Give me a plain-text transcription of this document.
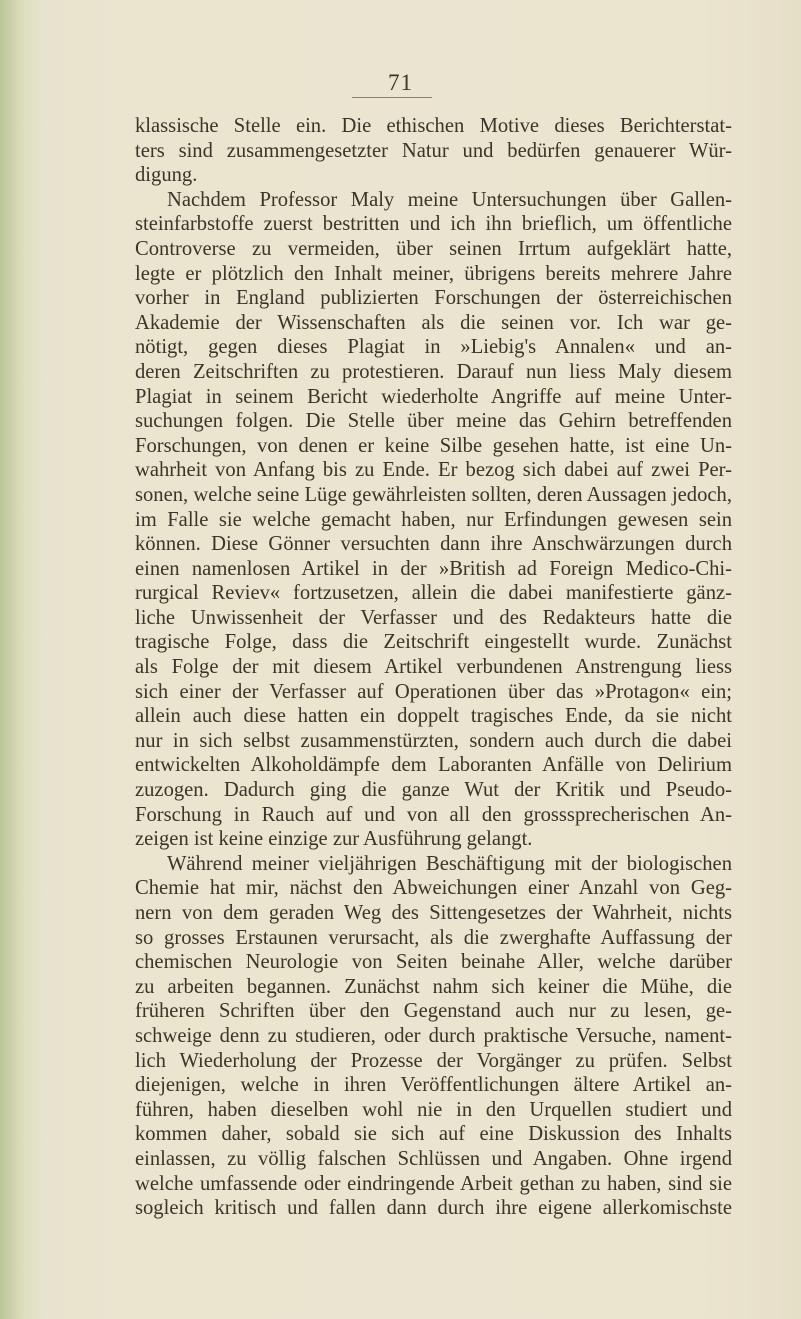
71
klassische Stelle ein. Die ethischen Motive dieses Berichterstat-
ters sind zusammengesetzter Natur und bedürfen genauerer Wür-
digung.
Nachdem Professor Maly meine Untersuchungen über Gallen-
steinfarbstoffe zuerst bestritten und ich ihn brieflich, um öffentliche
Controverse zu vermeiden, über seinen Irrtum aufgeklärt hatte,
legte er plötzlich den Inhalt meiner, übrigens bereits mehrere Jahre
vorher in England publizierten Forschungen der österreichischen
Akademie der Wissenschaften als die seinen vor. Ich war ge-
nötigt, gegen dieses Plagiat in »Liebig's Annalen« und an-
deren Zeitschriften zu protestieren. Darauf nun liess Maly diesem
Plagiat in seinem Bericht wiederholte Angriffe auf meine Unter-
suchungen folgen. Die Stelle über meine das Gehirn betreffenden
Forschungen, von denen er keine Silbe gesehen hatte, ist eine Un-
wahrheit von Anfang bis zu Ende. Er bezog sich dabei auf zwei Per-
sonen, welche seine Lüge gewährleisten sollten, deren Aussagen jedoch,
im Falle sie welche gemacht haben, nur Erfindungen gewesen sein
können. Diese Gönner versuchten dann ihre Anschwärzungen durch
einen namenlosen Artikel in der »British ad Foreign Medico-Chi-
rurgical Reviev« fortzusetzen, allein die dabei manifestierte gänz-
liche Unwissenheit der Verfasser und des Redakteurs hatte die
tragische Folge, dass die Zeitschrift eingestellt wurde. Zunächst
als Folge der mit diesem Artikel verbundenen Anstrengung liess
sich einer der Verfasser auf Operationen über das »Protagon« ein;
allein auch diese hatten ein doppelt tragisches Ende, da sie nicht
nur in sich selbst zusammenstürzten, sondern auch durch die dabei
entwickelten Alkoholdämpfe dem Laboranten Anfälle von Delirium
zuzogen. Dadurch ging die ganze Wut der Kritik und Pseudo-
Forschung in Rauch auf und von all den grosssprecherischen An-
zeigen ist keine einzige zur Ausführung gelangt.
Während meiner vieljährigen Beschäftigung mit der biologischen
Chemie hat mir, nächst den Abweichungen einer Anzahl von Geg-
nern von dem geraden Weg des Sittengesetzes der Wahrheit, nichts
so grosses Erstaunen verursacht, als die zwerghafte Auffassung der
chemischen Neurologie von Seiten beinahe Aller, welche darüber
zu arbeiten begannen. Zunächst nahm sich keiner die Mühe, die
früheren Schriften über den Gegenstand auch nur zu lesen, ge-
schweige denn zu studieren, oder durch praktische Versuche, nament-
lich Wiederholung der Prozesse der Vorgänger zu prüfen. Selbst
diejenigen, welche in ihren Veröffentlichungen ältere Artikel an-
führen, haben dieselben wohl nie in den Urquellen studiert und
kommen daher, sobald sie sich auf eine Diskussion des Inhalts
einlassen, zu völlig falschen Schlüssen und Angaben. Ohne irgend
welche umfassende oder eindringende Arbeit gethan zu haben, sind sie
sogleich kritisch und fallen dann durch ihre eigene allerkomischste
